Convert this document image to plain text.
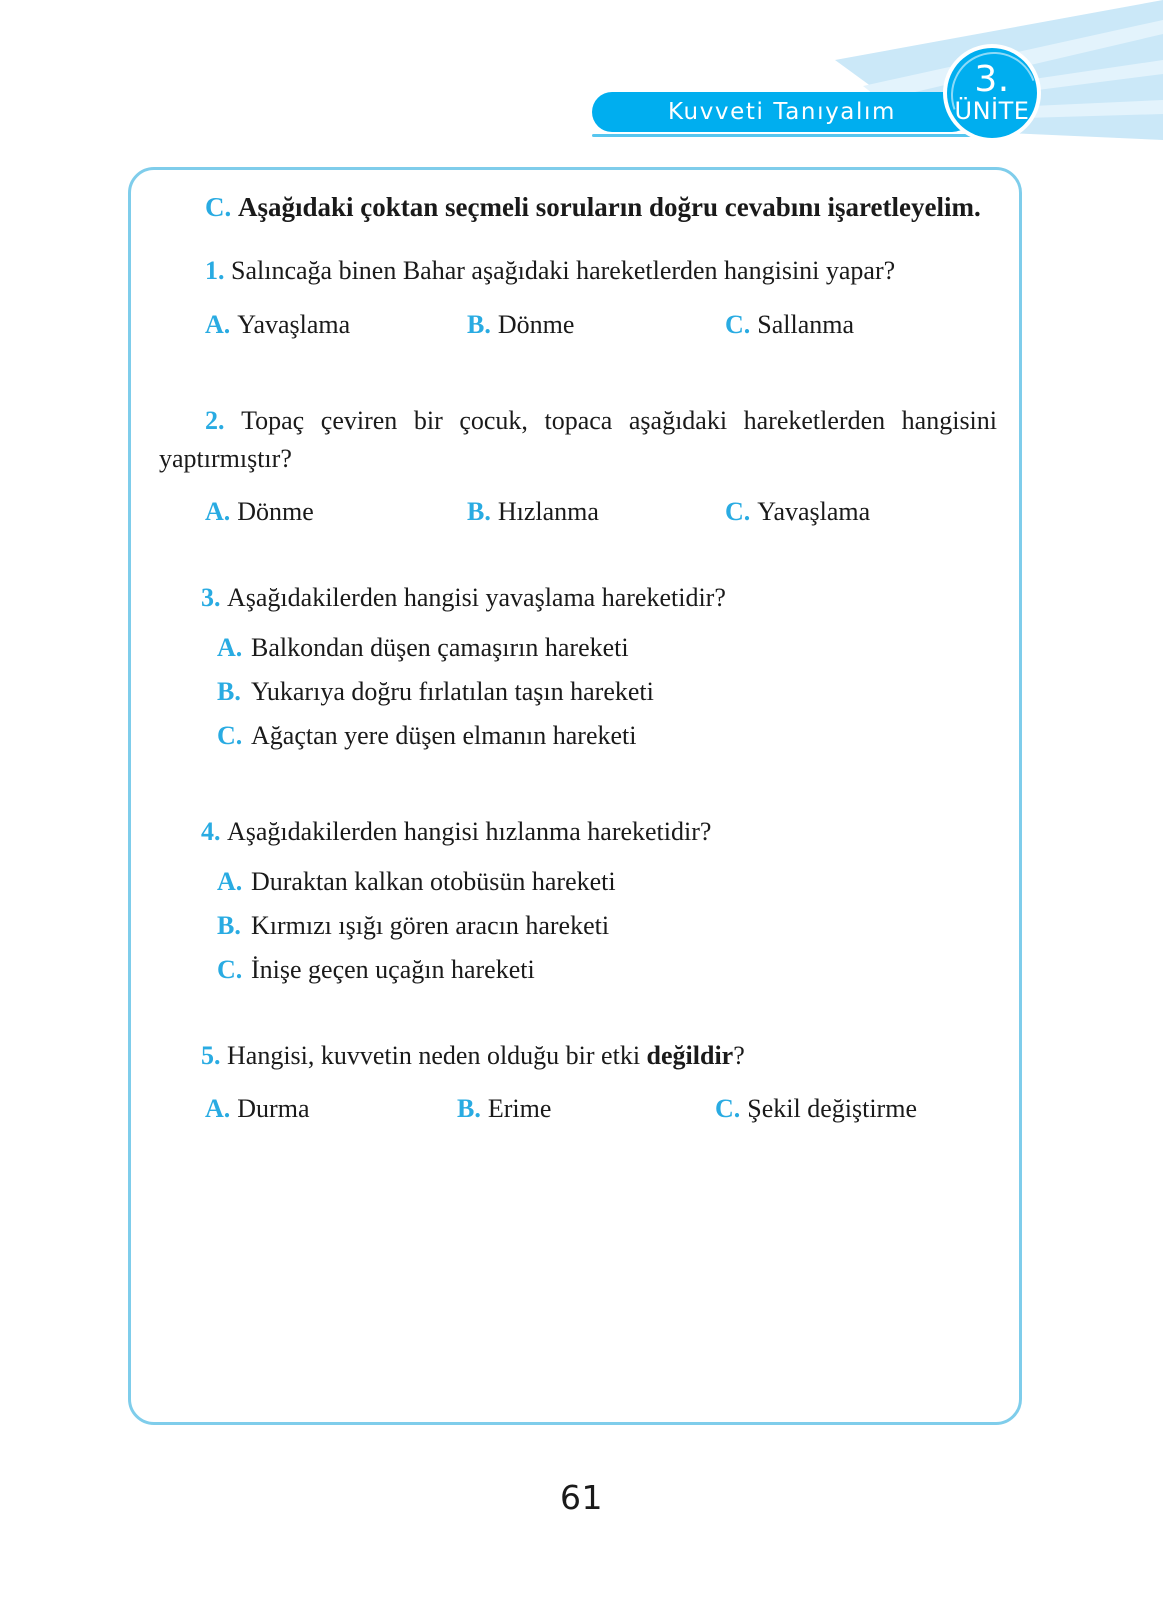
Kuvveti Tanıyalım
3.
ÜNİTE

C. Aşağıdaki çoktan seçmeli soruların doğru cevabını işaretleyelim.

1. Salıncağa binen Bahar aşağıdaki hareketlerden hangisini yapar?

A. Yavaşlama	B. Dönme	C. Sallanma

2. Topaç çeviren bir çocuk, topaca aşağıdaki hareketlerden hangisini yaptırmıştır?

A. Dönme	B. Hızlanma	C. Yavaşlama

3. Aşağıdakilerden hangisi yavaşlama hareketidir?

A. Balkondan düşen çamaşırın hareketi
B. Yukarıya doğru fırlatılan taşın hareketi
C. Ağaçtan yere düşen elmanın hareketi

4. Aşağıdakilerden hangisi hızlanma hareketidir?

A. Duraktan kalkan otobüsün hareketi
B. Kırmızı ışığı gören aracın hareketi
C. İnişe geçen uçağın hareketi

5. Hangisi, kuvvetin neden olduğu bir etki değildir?

A. Durma	B. Erime	C. Şekil değiştirme
61
